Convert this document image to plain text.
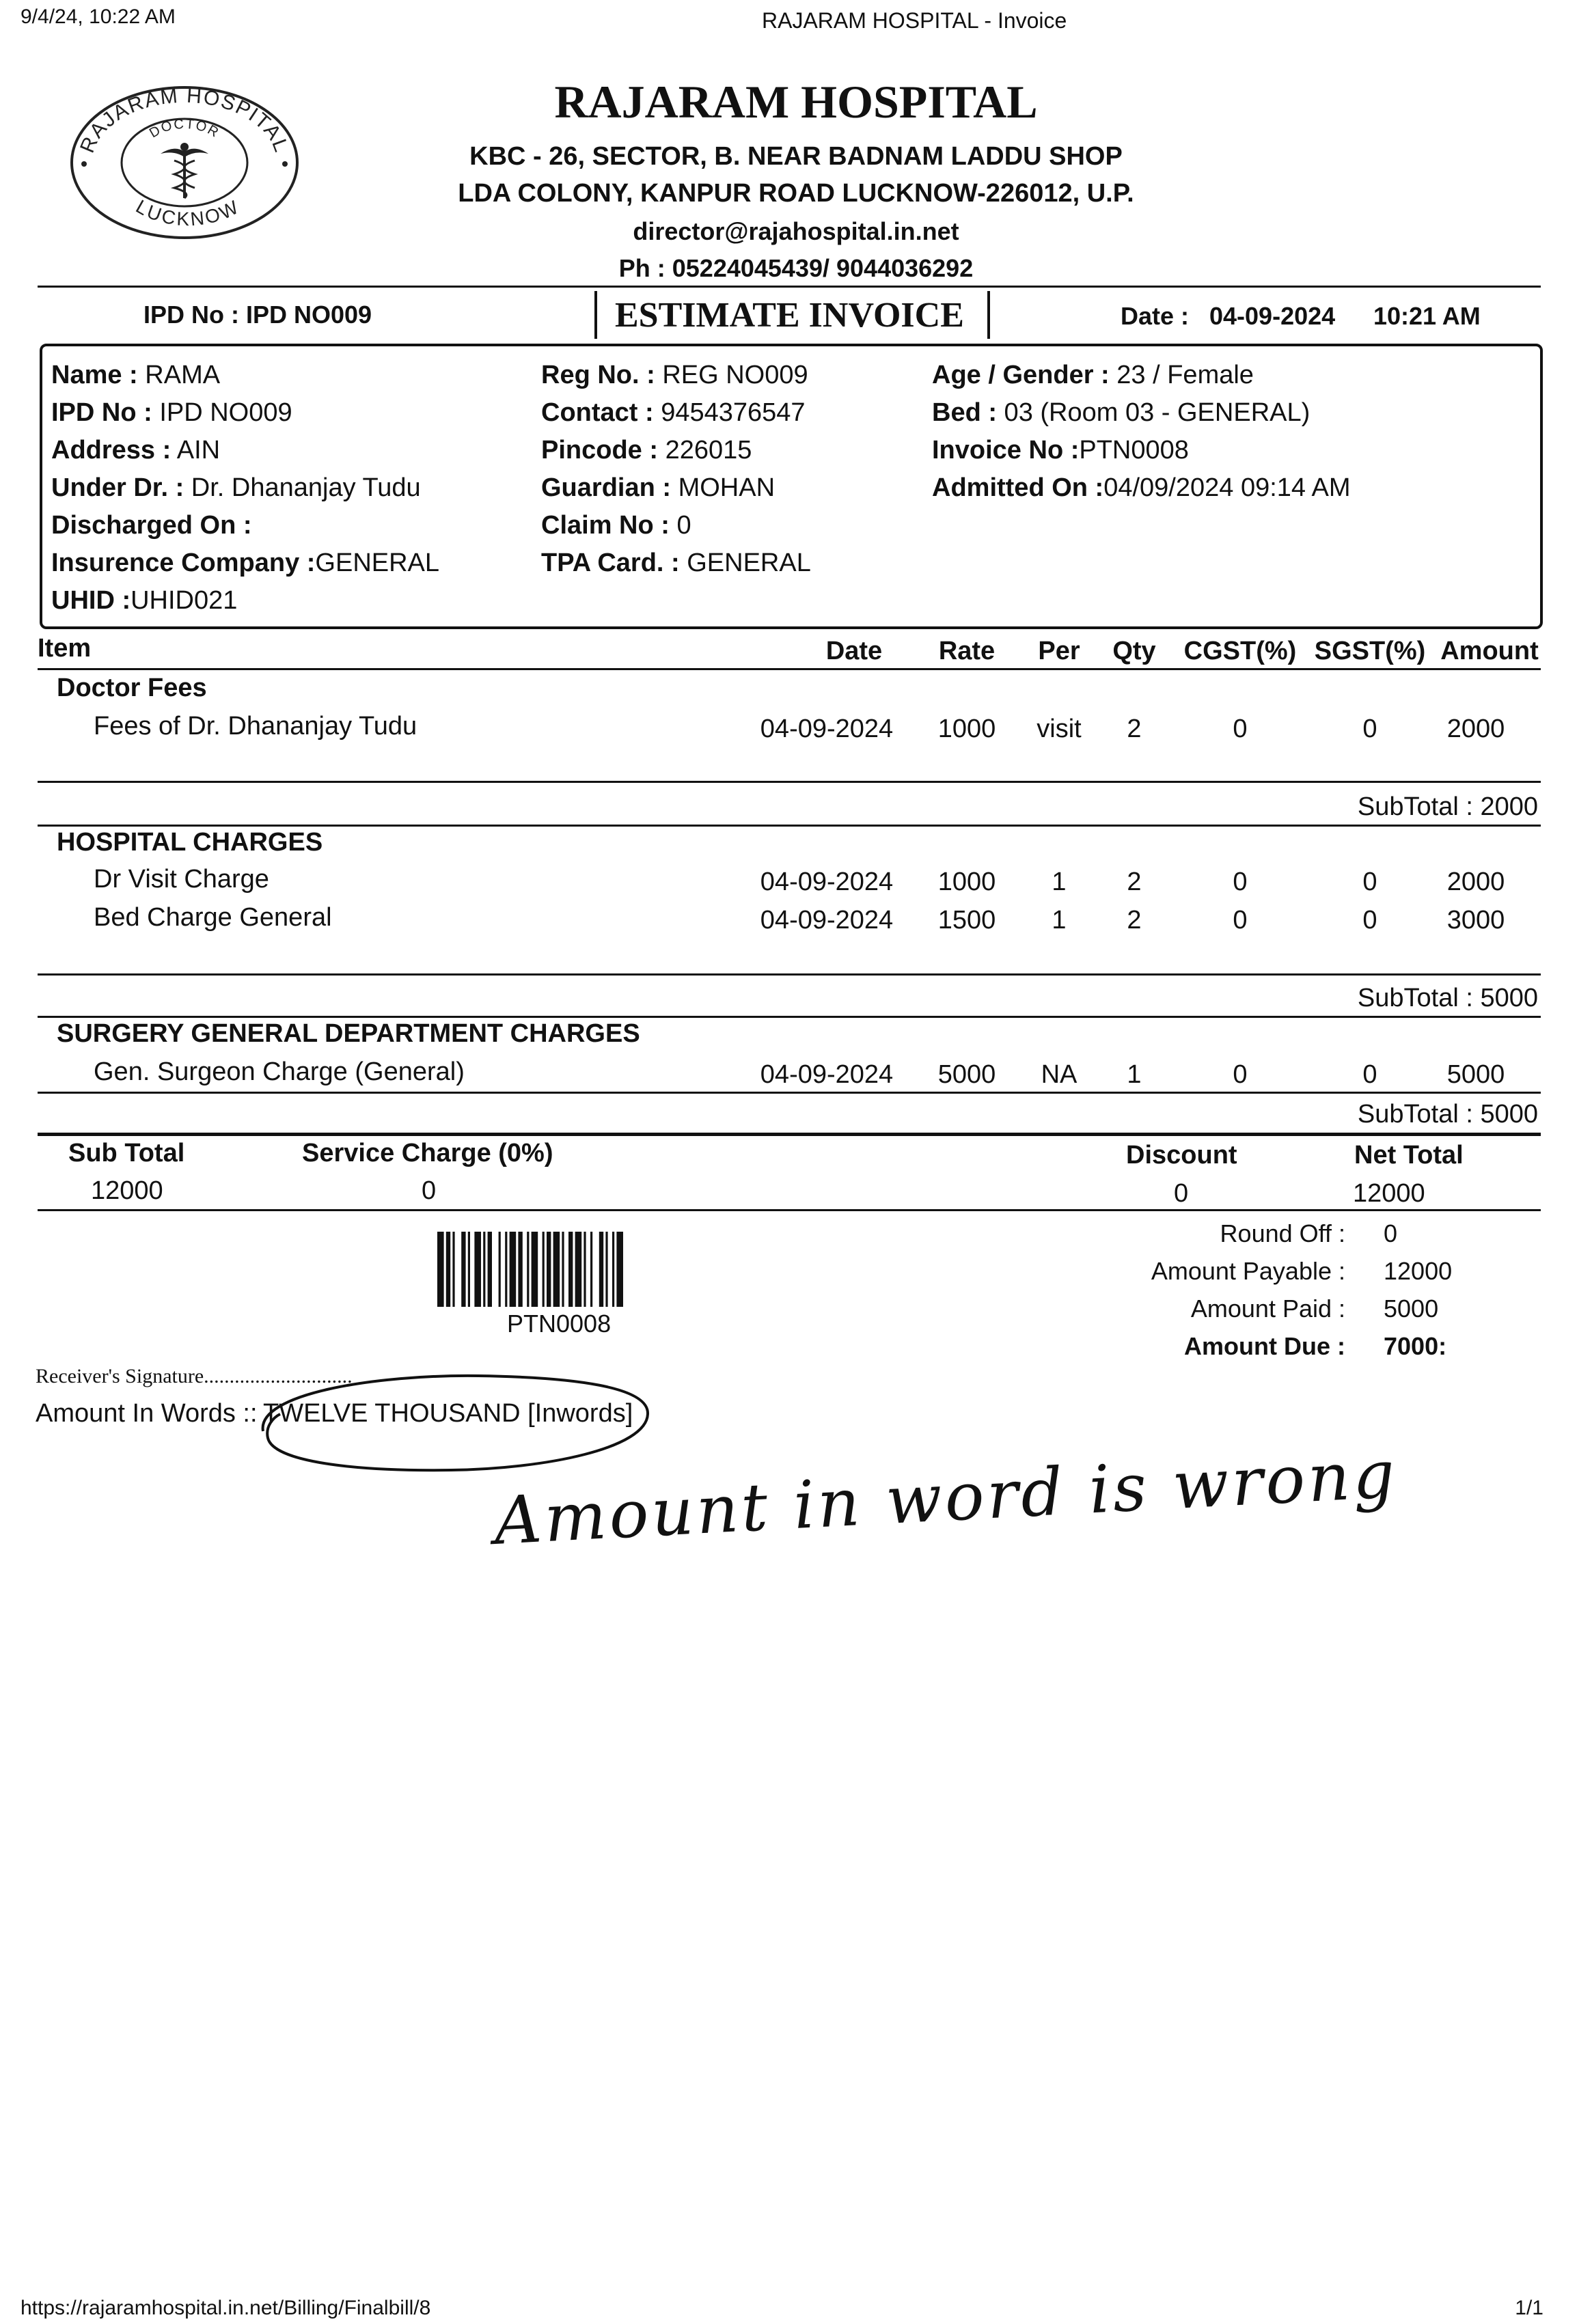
9/4/24, 10:22 AM	RAJARAM HOSPITAL - Invoice
RAJARAM HOSPITAL
LUCKNOW
DOCTOR
RAJARAM HOSPITAL
KBC - 26, SECTOR, B. NEAR BADNAM LADDU SHOP
LDA COLONY, KANPUR ROAD LUCKNOW-226012, U.P.
director@rajahospital.in.net
Ph : 05224045439/ 9044036292
IPD No : IPD NO009	ESTIMATE INVOICE	Date : 04-09-2024 10:21 AM
Name : RAMA
IPD No : IPD NO009
Address : AIN
Under Dr. : Dr. Dhananjay Tudu
Discharged On :
Insurence Company :GENERAL
UHID :UHID021
Reg No. : REG NO009
Contact : 9454376547
Pincode : 226015
Guardian : MOHAN
Claim No : 0
TPA Card. : GENERAL
Age / Gender : 23 / Female
Bed : 03 (Room 03 - GENERAL)
Invoice No :PTN0008
Admitted On :04/09/2024 09:14 AM
Item	Date	Rate	Per	Qty	CGST(%) SGST(%) Amount
Doctor Fees
Fees of Dr. Dhananjay Tudu	04-09-2024	1000	visit	2	0	0	2000
SubTotal : 2000
HOSPITAL CHARGES
Dr Visit Charge	04-09-2024	1000	1	2	0	0	2000
Bed Charge General	04-09-2024	1500	1	2	0	0	3000
SubTotal : 5000
SURGERY GENERAL DEPARTMENT CHARGES
Gen. Surgeon Charge (General)	04-09-2024	5000	NA	1	0	0	5000
SubTotal : 5000
Sub Total
12000
Service Charge (0%)
0
Discount
0
Net Total
12000
PTN0008
Round Off : 0
Amount Payable : 12000
Amount Paid : 5000
Amount Due : 7000:
Receiver's Signature.............................
Amount In Words :: TWELVE THOUSAND [Inwords]
Amount in word is wrong
https://rajaramhospital.in.net/Billing/Finalbill/8	1/1
